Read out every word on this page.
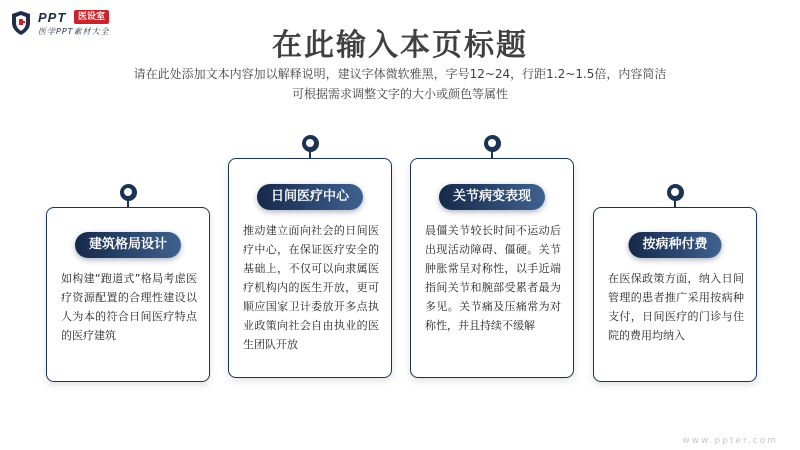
PPT	医设室
医学PPT素材大全	在此输入本页标题
请在此处添加文本内容加以解释说明，建议字体微软雅黑，字号12~24，行距1.2~1.5倍，内容简洁
可根据需求调整文字的大小或颜色等属性
建筑格局设计
如构建“跑道式”格局考虑医疗资源配置的合理性建设以人为本的符合日间医疗特点的医疗建筑
日间医疗中心
推动建立面向社会的日间医疗中心，在保证医疗安全的基础上，不仅可以向隶属医疗机构内的医生开放，更可顺应国家卫计委放开多点执业政策向社会自由执业的医生团队开放
关节病变表现
晨僵关节较长时间不运动后出现活动障碍、僵硬。关节肿胀常呈对称性，以手近端指间关节和腕部受累者最为多见。关节痛及压痛常为对称性，并且持续不缓解
按病种付费
在医保政策方面，纳入日间管理的患者推广采用按病种支付，日间医疗的门诊与住院的费用均纳入
www.ppter.com
